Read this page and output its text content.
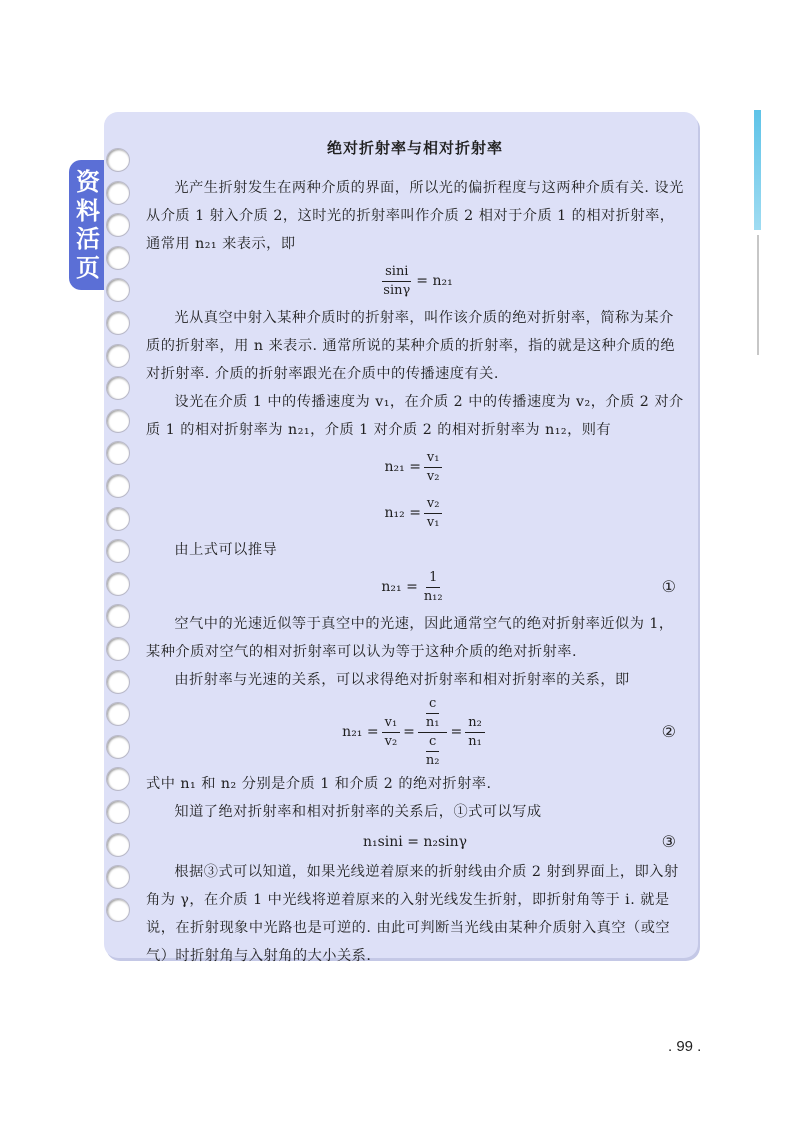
资
料
活
页
绝对折射率与相对折射率

光产生折射发生在两种介质的界面，所以光的偏折程度与这两种介质有关. 设光从介质 1 射入介质 2，这时光的折射率叫作介质 2 相对于介质 1 的相对折射率，通常用 n₂₁ 来表示，即

$\frac{\sin i}{\sin\gamma} = n_{21}$

光从真空中射入某种介质时的折射率，叫作该介质的绝对折射率，简称为某介质的折射率，用 n 来表示. 通常所说的某种介质的折射率，指的就是这种介质的绝对折射率. 介质的折射率跟光在介质中的传播速度有关.

设光在介质 1 中的传播速度为 v₁，在介质 2 中的传播速度为 v₂，介质 2 对介质 1 的相对折射率为 n₂₁，介质 1 对介质 2 的相对折射率为 n₁₂，则有

$n_{21} = \frac{\text{v₁}}{\text{v₂}}$
$n_{12} = \frac{\text{v₂}}{\text{v₁}}$

由上式可以推导

$n_{21} = \frac{1}{\text{n₁₂}}$	①

空气中的光速近似等于真空中的光速，因此通常空气的绝对折射率近似为 1，某种介质对空气的相对折射率可以认为等于这种介质的绝对折射率.

由折射率与光速的关系，可以求得绝对折射率和相对折射率的关系，即

$n_{21} = \frac{\text{v₁}}{\text{v₂}} = \frac{\frac{c}{\text{n₁}}}{\frac{c}{\text{n₂}}} = \frac{\text{n₂}}{\text{n₁}}$	②

式中 n₁ 和 n₂ 分别是介质 1 和介质 2 的绝对折射率.

知道了绝对折射率和相对折射率的关系后，①式可以写成

n₁sini = n₂sinγ	③

根据③式可以知道，如果光线逆着原来的折射线由介质 2 射到界面上，即入射角为 γ，在介质 1 中光线将逆着原来的入射光线发生折射，即折射角等于 i. 就是说，在折射现象中光路也是可逆的. 由此可判断当光线由某种介质射入真空（或空气）时折射角与入射角的大小关系.

. 99 .
